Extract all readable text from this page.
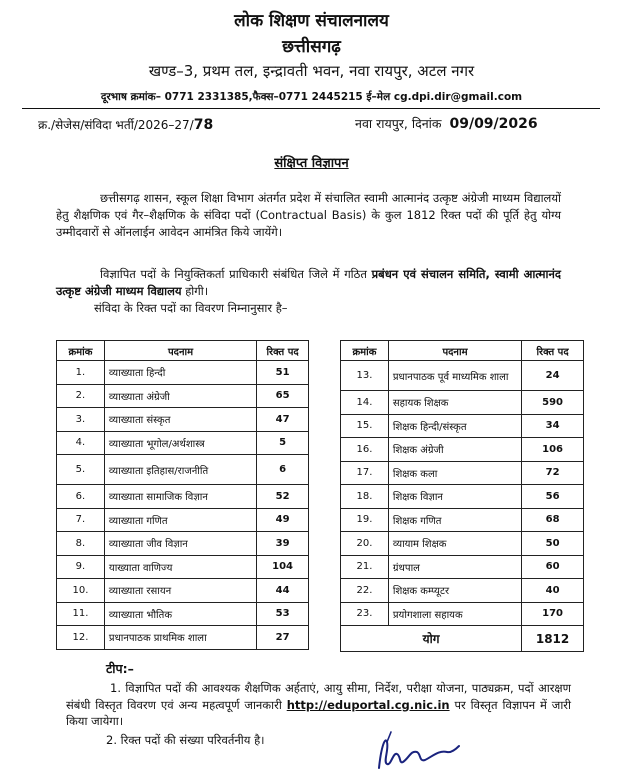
लोक शिक्षण संचालनालय
छत्तीसगढ़
खण्ड–3, प्रथम तल, इन्द्रावती भवन, नवा रायपुर, अटल नगर
दूरभाष क्रमांक– 0771 2331385,फैक्स–0771 2445215 ई–मेल cg.dpi.dir@gmail.com
क्र./सेजेस/संविदा भर्ती/2026–27/78	नवा रायपुर, दिनांक 09/09/2026
संक्षिप्त विज्ञापन
छत्तीसगढ़ शासन, स्कूल शिक्षा विभाग अंतर्गत प्रदेश में संचालित स्वामी आत्मानंद उत्कृष्ट अंग्रेजी माध्यम विद्यालयों हेतु शैक्षणिक एवं गैर–शैक्षणिक के संविदा पदों (Contractual Basis) के कुल 1812 रिक्त पदों की पूर्ति हेतु योग्य उम्मीदवारों से ऑनलाईन आवेदन आमंत्रित किये जायेंगे।
विज्ञापित पदों के नियुक्तिकर्ता प्राधिकारी संबंधित जिले में गठित प्रबंधन एवं संचालन समिति, स्वामी आत्मानंद उत्कृष्ट अंग्रेजी माध्यम विद्यालय होगी।
संविदा के रिक्त पदों का विवरण निम्नानुसार है–
क्रमांक	पदनाम	रिक्त पद
1.	व्याख्याता हिन्दी	51
2.	व्याख्याता अंग्रेजी	65
3.	व्याख्याता संस्कृत	47
4.	व्याख्याता भूगोल/अर्थशास्त्र	5
5.	व्याख्याता इतिहास/राजनीति	6
6.	व्याख्याता सामाजिक विज्ञान	52
7.	व्याख्याता गणित	49
8.	व्याख्याता जीव विज्ञान	39
9.	याख्याता वाणिज्य	104
10.	व्याख्याता रसायन	44
11.	व्याख्याता भौतिक	53
12.	प्रधानपाठक प्राथमिक शाला	27
क्रमांक	पदनाम	रिक्त पद
13.	प्रधानपाठक पूर्व माध्यमिक शाला	24
14.	सहायक शिक्षक	590
15.	शिक्षक हिन्दी/संस्कृत	34
16.	शिक्षक अंग्रेजी	106
17.	शिक्षक कला	72
18.	शिक्षक विज्ञान	56
19.	शिक्षक गणित	68
20.	व्यायाम शिक्षक	50
21.	ग्रंथपाल	60
22.	शिक्षक कम्प्यूटर	40
23.	प्रयोगशाला सहायक	170
योग		1812
टीप:–
1. विज्ञापित पदों की आवश्यक शैक्षणिक अर्हताएं, आयु सीमा, निर्देश, परीक्षा योजना, पाठ्यक्रम, पदों आरक्षण संबंधी विस्तृत विवरण एवं अन्य महत्वपूर्ण जानकारी http://eduportal.cg.nic.in पर विस्तृत विज्ञापन में जारी किया जायेगा।
2. रिक्त पदों की संख्या परिवर्तनीय है।
